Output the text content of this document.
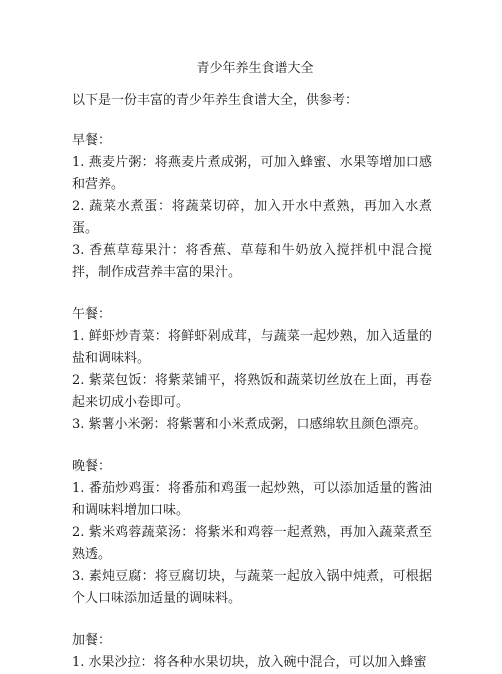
青少年养生食谱大全
以下是一份丰富的青少年养生食谱大全，供参考：
早餐：
1. 燕麦片粥：将燕麦片煮成粥，可加入蜂蜜、水果等增加口感和营养。
2. 蔬菜水煮蛋：将蔬菜切碎，加入开水中煮熟，再加入水煮蛋。
3. 香蕉草莓果汁：将香蕉、草莓和牛奶放入搅拌机中混合搅拌，制作成营养丰富的果汁。
午餐：
1. 鲜虾炒青菜：将鲜虾剁成茸，与蔬菜一起炒熟，加入适量的盐和调味料。
2. 紫菜包饭：将紫菜铺平，将熟饭和蔬菜切丝放在上面，再卷起来切成小卷即可。
3. 紫薯小米粥：将紫薯和小米煮成粥，口感绵软且颜色漂亮。
晚餐：
1. 番茄炒鸡蛋：将番茄和鸡蛋一起炒熟，可以添加适量的酱油和调味料增加口味。
2. 紫米鸡蓉蔬菜汤：将紫米和鸡蓉一起煮熟，再加入蔬菜煮至熟透。
3. 素炖豆腐：将豆腐切块，与蔬菜一起放入锅中炖煮，可根据个人口味添加适量的调味料。
加餐：
1. 水果沙拉：将各种水果切块，放入碗中混合，可以加入蜂蜜
